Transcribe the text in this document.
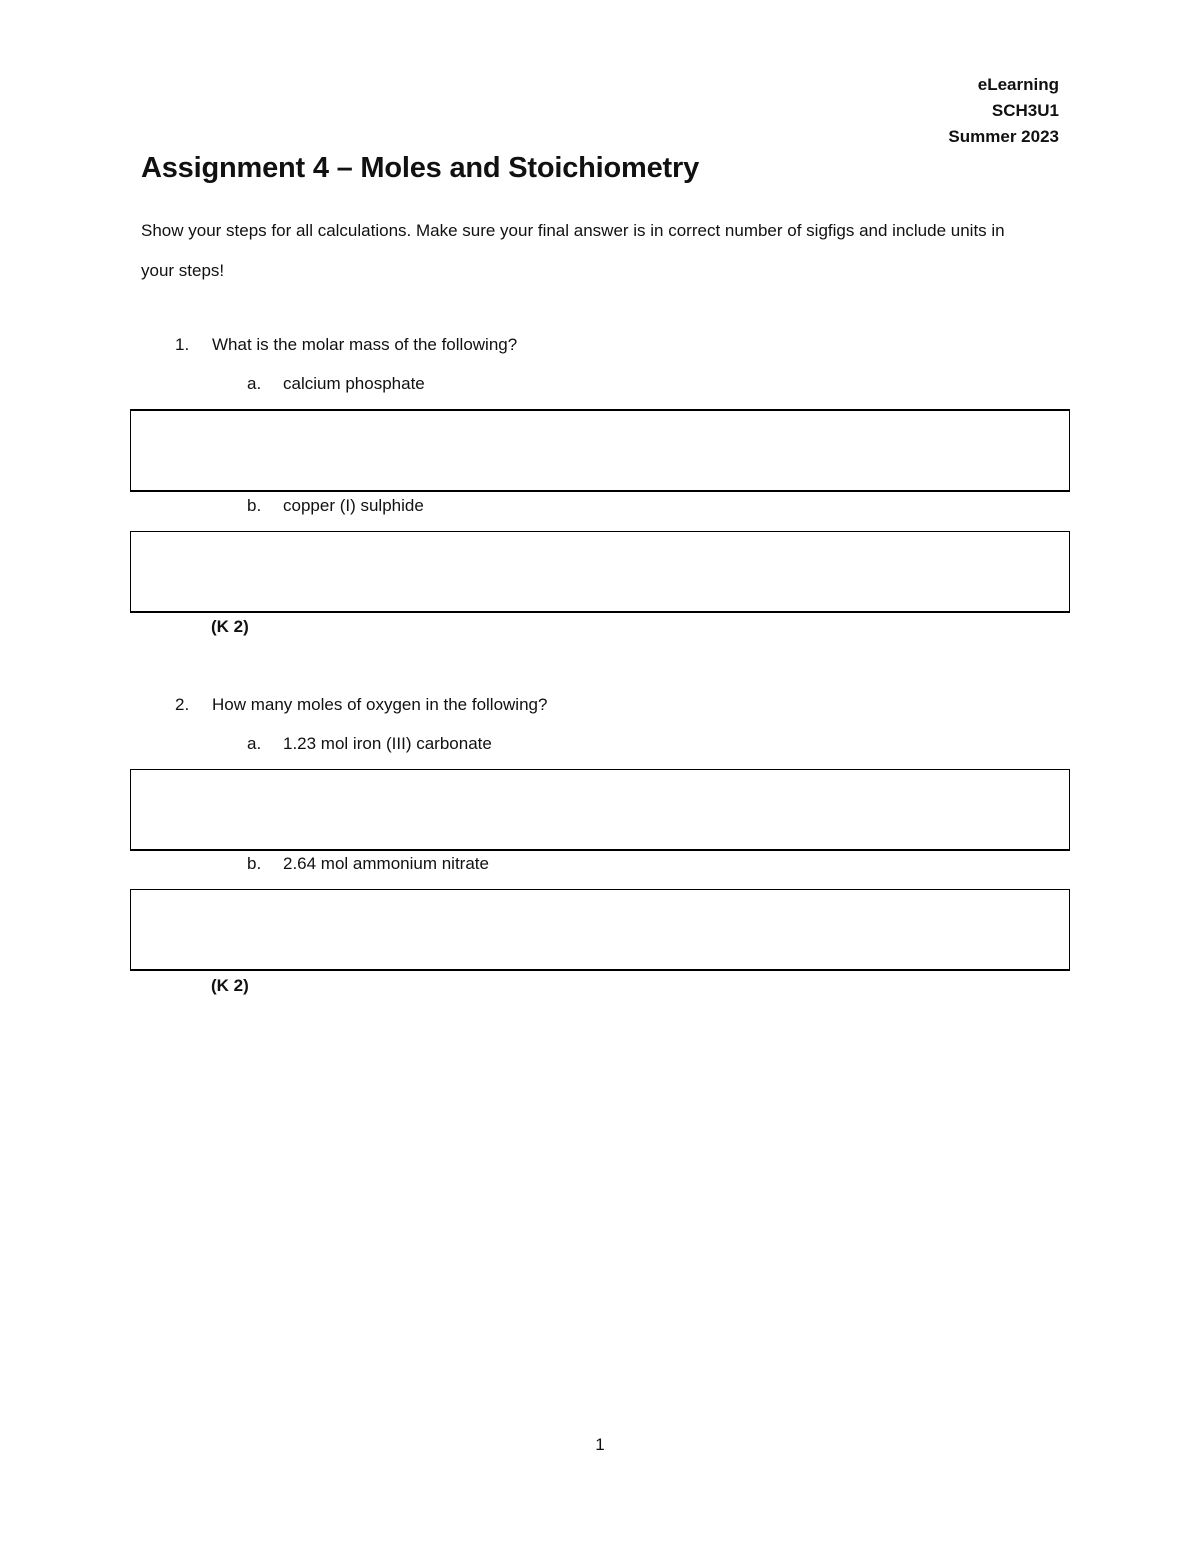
eLearning
SCH3U1
Summer 2023
Assignment 4 – Moles and Stoichiometry
Show your steps for all calculations. Make sure your final answer is in correct number of sigfigs and include units in your steps!
1. What is the molar mass of the following?
a. calcium phosphate
b. copper (I) sulphide
(K 2)
2. How many moles of oxygen in the following?
a. 1.23 mol iron (III) carbonate
b. 2.64 mol ammonium nitrate
(K 2)
1
